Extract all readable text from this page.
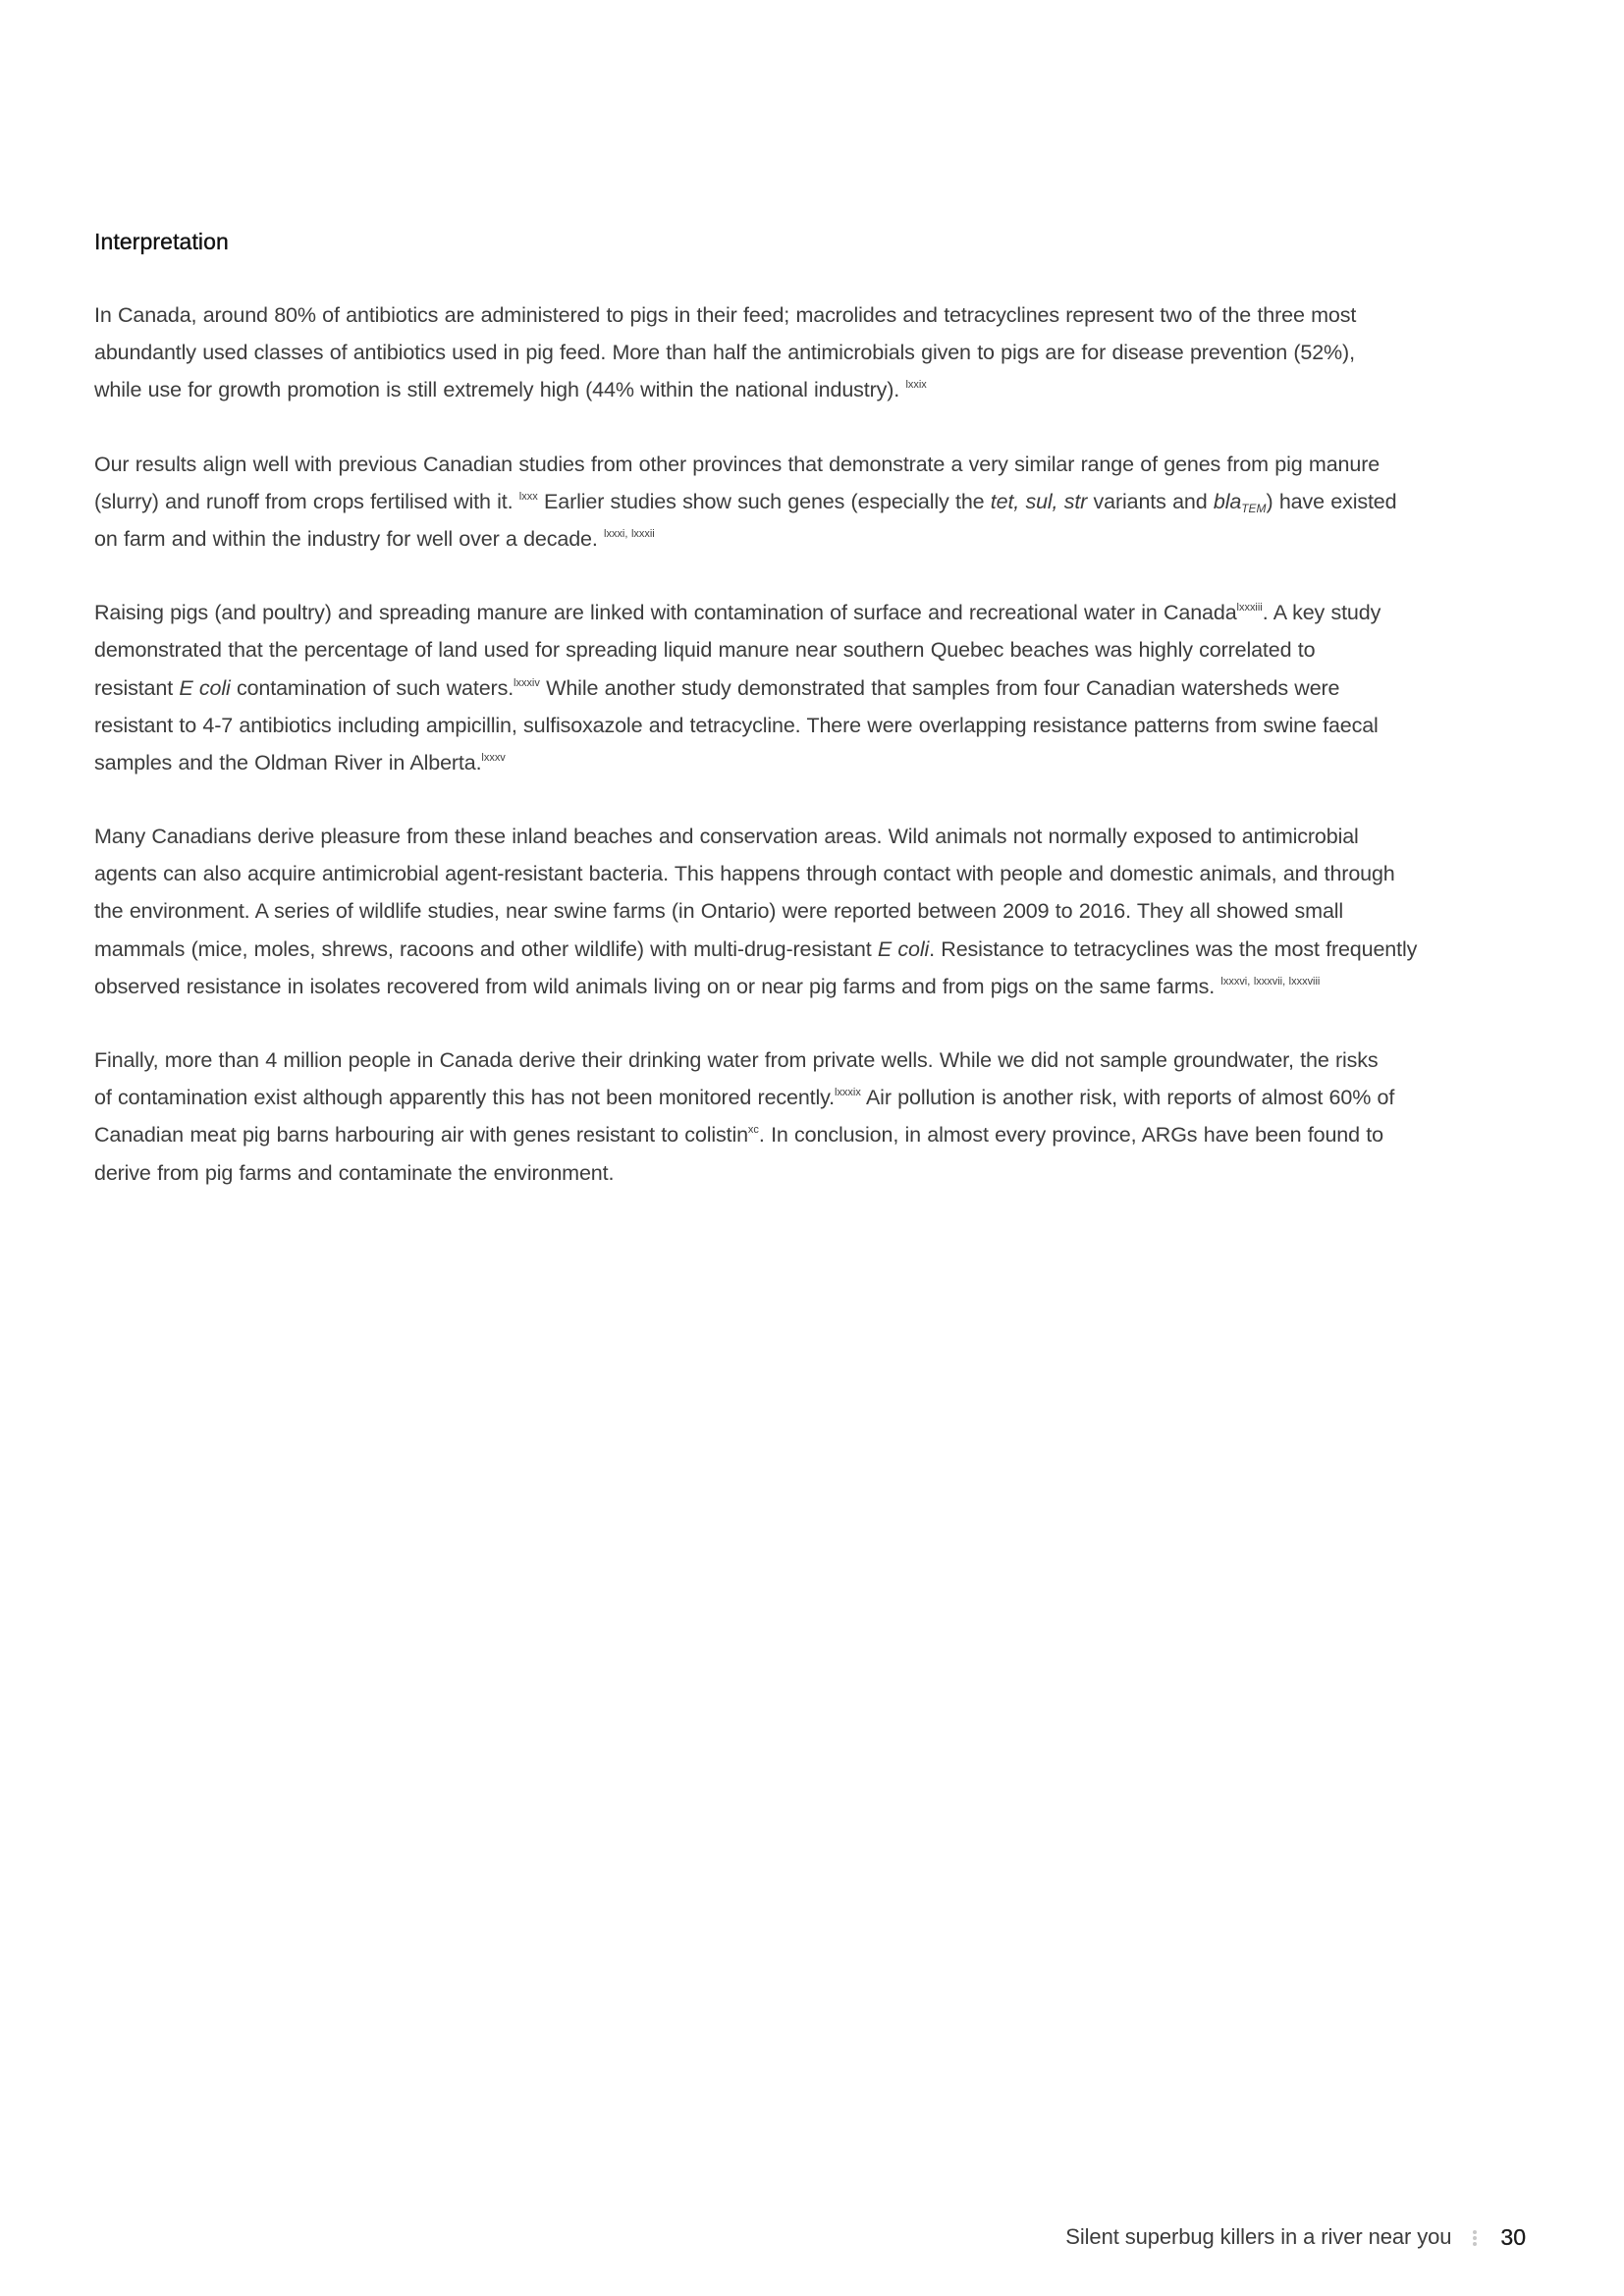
Interpretation

In Canada, around 80% of antibiotics are administered to pigs in their feed; macrolides and tetracyclines represent two of the three most
abundantly used classes of antibiotics used in pig feed. More than half the antimicrobials given to pigs are for disease prevention (52%),
while use for growth promotion is still extremely high (44% within the national industry). $^{lxxix}$

Our results align well with previous Canadian studies from other provinces that demonstrate a very similar range of genes from pig manure
(slurry) and runoff from crops fertilised with it. $^{lxxx}$ Earlier studies show such genes (especially the tet, sul, str variants and blaTEM) have existed
on farm and within the industry for well over a decade. $^{lxxxi, lxxxii}$

Raising pigs (and poultry) and spreading manure are linked with contamination of surface and recreational water in Canada$^{lxxxiii}$. A key study
demonstrated that the percentage of land used for spreading liquid manure near southern Quebec beaches was highly correlated to
resistant E coli contamination of such waters.$^{lxxxiv}$ While another study demonstrated that samples from four Canadian watersheds were
resistant to 4-7 antibiotics including ampicillin, sulfisoxazole and tetracycline. There were overlapping resistance patterns from swine faecal
samples and the Oldman River in Alberta.$^{lxxxv}$

Many Canadians derive pleasure from these inland beaches and conservation areas. Wild animals not normally exposed to antimicrobial
agents can also acquire antimicrobial agent-resistant bacteria. This happens through contact with people and domestic animals, and through
the environment. A series of wildlife studies, near swine farms (in Ontario) were reported between 2009 to 2016. They all showed small
mammals (mice, moles, shrews, racoons and other wildlife) with multi-drug-resistant E coli. Resistance to tetracyclines was the most frequently
observed resistance in isolates recovered from wild animals living on or near pig farms and from pigs on the same farms. $^{lxxxvi, lxxxvii, lxxxviii}$

Finally, more than 4 million people in Canada derive their drinking water from private wells. While we did not sample groundwater, the risks
of contamination exist although apparently this has not been monitored recently.$^{lxxxix}$ Air pollution is another risk, with reports of almost 60% of
Canadian meat pig barns harbouring air with genes resistant to colistin$^{xc}$. In conclusion, in almost every province, ARGs have been found to
derive from pig farms and contaminate the environment.

Silent superbug killers in a river near you 30
